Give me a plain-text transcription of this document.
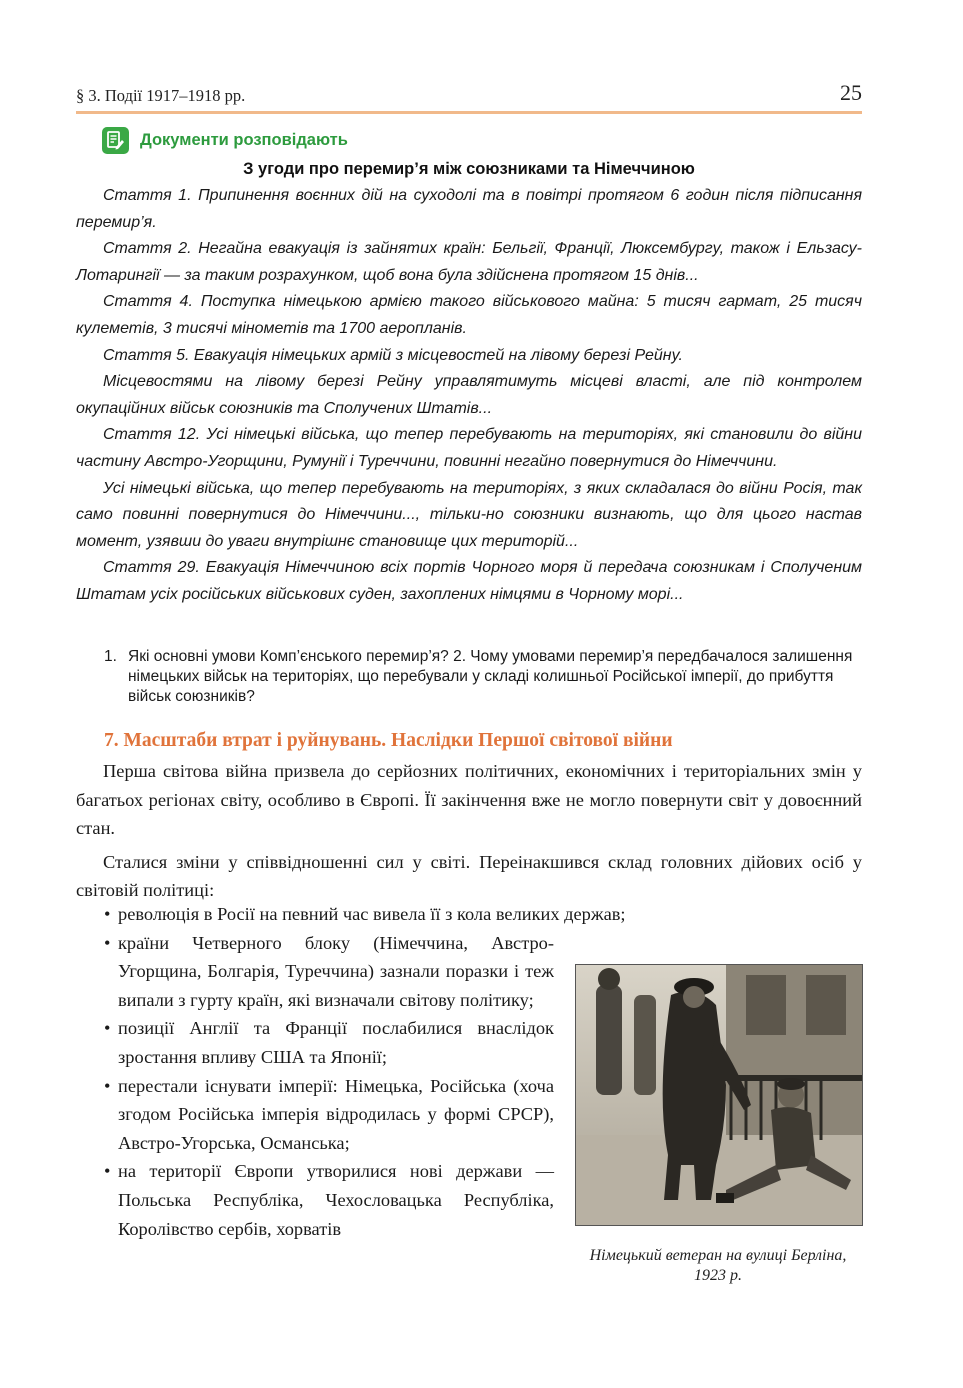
§ 3. Події 1917–1918 рр.	25
Документи розповідають
З угоди про перемир’я між союзниками та Німеччиною

Стаття 1. Припинення воєнних дій на суходолі та в повітрі протягом 6 годин після підписання перемир’я.

Стаття 2. Негайна евакуація із зайнятих країн: Бельгії, Франції, Люксембургу, також і Ельзасу-Лотарингії — за таким розрахунком, щоб вона була здійснена протягом 15 днів...

Стаття 4. Поступка німецькою армією такого військового майна: 5 тисяч гармат, 25 тисяч кулеметів, 3 тисячі мінометів та 1700 аеропланів.

Стаття 5. Евакуація німецьких армій з місцевостей на лівому березі Рейну.

Місцевостями на лівому березі Рейну управлятимуть місцеві власті, але під контролем окупаційних військ союзників та Сполучених Штатів...

Стаття 12. Усі німецькі війська, що тепер перебувають на територіях, які становили до війни частину Австро-Угорщини, Румунії і Туреччини, повинні негайно повернутися до Німеччини.

Усі німецькі війська, що тепер перебувають на територіях, з яких складалася до війни Росія, так само повинні повернутися до Німеччини..., тільки-но союзники визнають, що для цього настав момент, узявши до уваги внутрішнє становище цих територій...

Стаття 29. Евакуація Німеччиною всіх портів Чорного моря й передача союзникам і Сполученим Штатам усіх російських військових суден, захоплених німцями в Чорному морі...

1. Які основні умови Комп’єнського перемир’я? 2. Чому умовами перемир’я передбачалося залишення німецьких військ на територіях, що перебували у складі колишньої Російської імперії, до прибуття військ союзників?
7. Масштаби втрат і руйнувань. Наслідки Першої світової війни

Перша світова війна призвела до серйозних політичних, економічних і територіальних змін у багатьох регіонах світу, особливо в Європі. Її закінчення вже не могло повернути світ у довоєнний стан.

Сталися зміни у співвідношенні сил у світі. Переінакшився склад головних дійових осіб у світовій політиці:

• революція в Росії на певний час вивела її з кола великих держав;
• країни Четверного блоку (Німеччина, Австро-Угорщина, Болгарія, Туреччина) зазнали поразки і теж випали з гурту країн, які визначали світову політику;
• позиції Англії та Франції послабилися внаслідок зростання впливу США та Японії;
• перестали існувати імперії: Німецька, Російська (хоча згодом Російська імперія відродилась у формі СРСР), Австро-Угорська, Османська;
• на території Європи утворилися нові держави — Польська Республіка, Чехословацька Республіка, Королівство сербів, хорватів
Німецький ветеран на вулиці Берліна, 1923 р.
